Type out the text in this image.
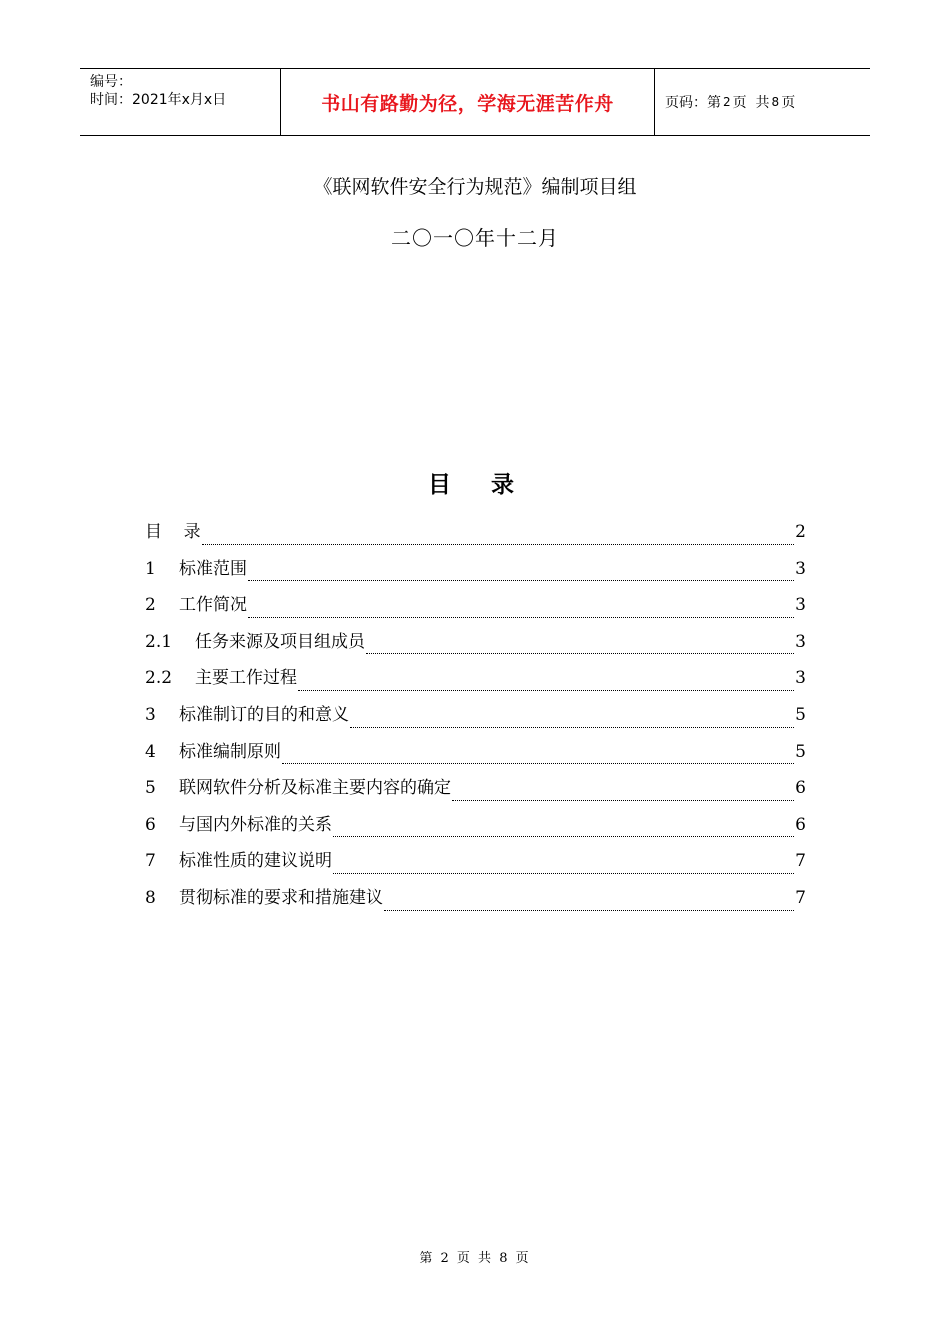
编号：
时间：2021年x月x日	书山有路勤为径，学海无涯苦作舟	页码：第 2 页  共 8 页
《联网软件安全行为规范》编制项目组
二〇一〇年十二月
目  录
目    录	2
1	标准范围	3
2	工作简况	3
2.1	任务来源及项目组成员	3
2.2	主要工作过程	3
3	标准制订的目的和意义	5
4	标准编制原则	5
5	联网软件分析及标准主要内容的确定	6
6	与国内外标准的关系	6
7	标准性质的建议说明	7
8	贯彻标准的要求和措施建议	7
第 2 页 共 8 页
